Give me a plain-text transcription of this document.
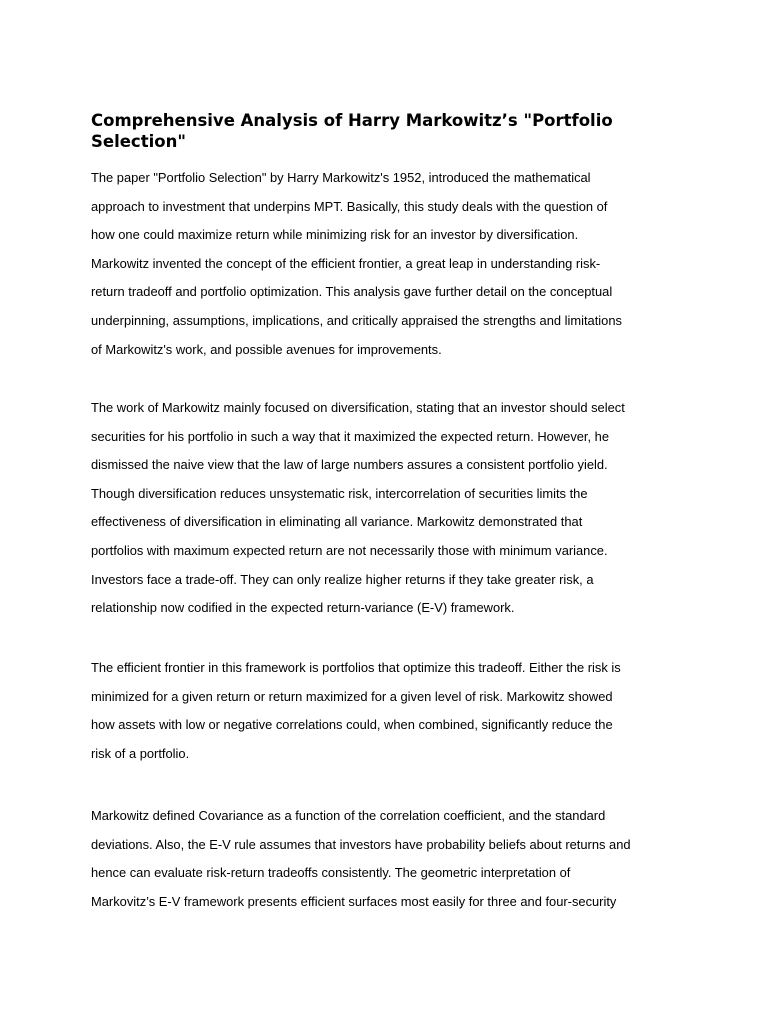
Comprehensive Analysis of Harry Markowitz’s "Portfolio Selection"
The paper "Portfolio Selection" by Harry Markowitz's 1952, introduced the mathematical
approach to investment that underpins MPT. Basically, this study deals with the question of
how one could maximize return while minimizing risk for an investor by diversification.
Markowitz invented the concept of the efficient frontier, a great leap in understanding risk-
return tradeoff and portfolio optimization. This analysis gave further detail on the conceptual
underpinning, assumptions, implications, and critically appraised the strengths and limitations
of Markowitz's work, and possible avenues for improvements.
The work of Markowitz mainly focused on diversification, stating that an investor should select
securities for his portfolio in such a way that it maximized the expected return. However, he
dismissed the naive view that the law of large numbers assures a consistent portfolio yield.
Though diversification reduces unsystematic risk, intercorrelation of securities limits the
effectiveness of diversification in eliminating all variance. Markowitz demonstrated that
portfolios with maximum expected return are not necessarily those with minimum variance.
Investors face a trade-off. They can only realize higher returns if they take greater risk, a
relationship now codified in the expected return-variance (E-V) framework.
The efficient frontier in this framework is portfolios that optimize this tradeoff. Either the risk is
minimized for a given return or return maximized for a given level of risk. Markowitz showed
how assets with low or negative correlations could, when combined, significantly reduce the
risk of a portfolio.
Markowitz defined Covariance as a function of the correlation coefficient, and the standard
deviations. Also, the E-V rule assumes that investors have probability beliefs about returns and
hence can evaluate risk-return tradeoffs consistently. The geometric interpretation of
Markovitz’s E-V framework presents efficient surfaces most easily for three and four-security
